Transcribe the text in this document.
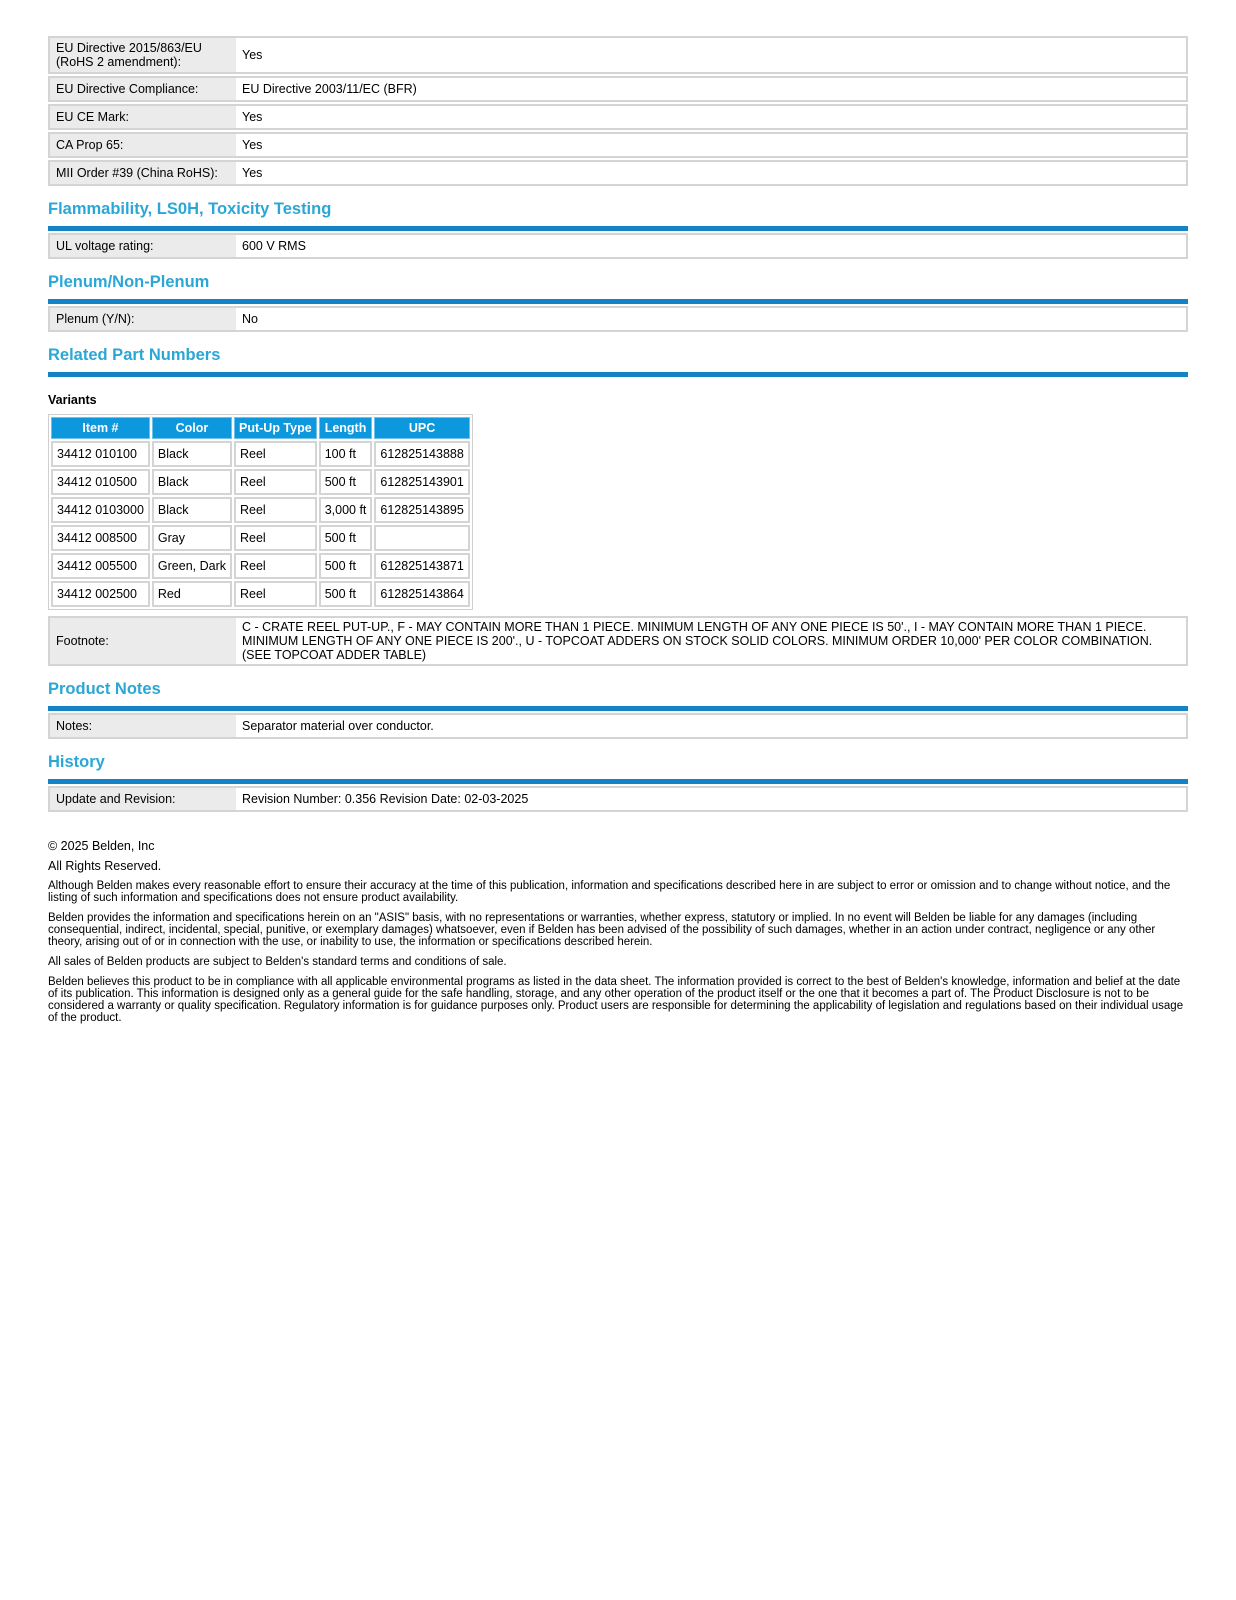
EU Directive 2015/863/EU (RoHS 2 amendment):	Yes
EU Directive Compliance:	EU Directive 2003/11/EC (BFR)
EU CE Mark:	Yes
CA Prop 65:	Yes
MII Order #39 (China RoHS):	Yes
Flammability, LS0H, Toxicity Testing
UL voltage rating:	600 V RMS
Plenum/Non-Plenum
Plenum (Y/N):	No
Related Part Numbers
Variants
Item #	Color	Put-Up Type	Length	UPC
34412 010100	Black	Reel	100 ft	612825143888
34412 010500	Black	Reel	500 ft	612825143901
34412 0103000	Black	Reel	3,000 ft	612825143895
34412 008500	Gray	Reel	500 ft	
34412 005500	Green, Dark	Reel	500 ft	612825143871
34412 002500	Red	Reel	500 ft	612825143864
Footnote:
C - CRATE REEL PUT-UP., F - MAY CONTAIN MORE THAN 1 PIECE. MINIMUM LENGTH OF ANY ONE PIECE IS 50'., I - MAY CONTAIN MORE THAN 1 PIECE. MINIMUM LENGTH OF ANY ONE PIECE IS 200'., U - TOPCOAT ADDERS ON STOCK SOLID COLORS. MINIMUM ORDER 10,000' PER COLOR COMBINATION. (SEE TOPCOAT ADDER TABLE)
Product Notes
Notes:	Separator material over conductor.
History
Update and Revision:	Revision Number: 0.356 Revision Date: 02-03-2025

© 2025 Belden, Inc

All Rights Reserved.

Although Belden makes every reasonable effort to ensure their accuracy at the time of this publication, information and specifications described here in are subject to error or omission and to change without notice, and the listing of such information and specifications does not ensure product availability.

Belden provides the information and specifications herein on an "ASIS" basis, with no representations or warranties, whether express, statutory or implied. In no event will Belden be liable for any damages (including consequential, indirect, incidental, special, punitive, or exemplary damages) whatsoever, even if Belden has been advised of the possibility of such damages, whether in an action under contract, negligence or any other theory, arising out of or in connection with the use, or inability to use, the information or specifications described herein.

All sales of Belden products are subject to Belden's standard terms and conditions of sale.

Belden believes this product to be in compliance with all applicable environmental programs as listed in the data sheet. The information provided is correct to the best of Belden's knowledge, information and belief at the date of its publication. This information is designed only as a general guide for the safe handling, storage, and any other operation of the product itself or the one that it becomes a part of. The Product Disclosure is not to be considered a warranty or quality specification. Regulatory information is for guidance purposes only. Product users are responsible for determining the applicability of legislation and regulations based on their individual usage of the product.
